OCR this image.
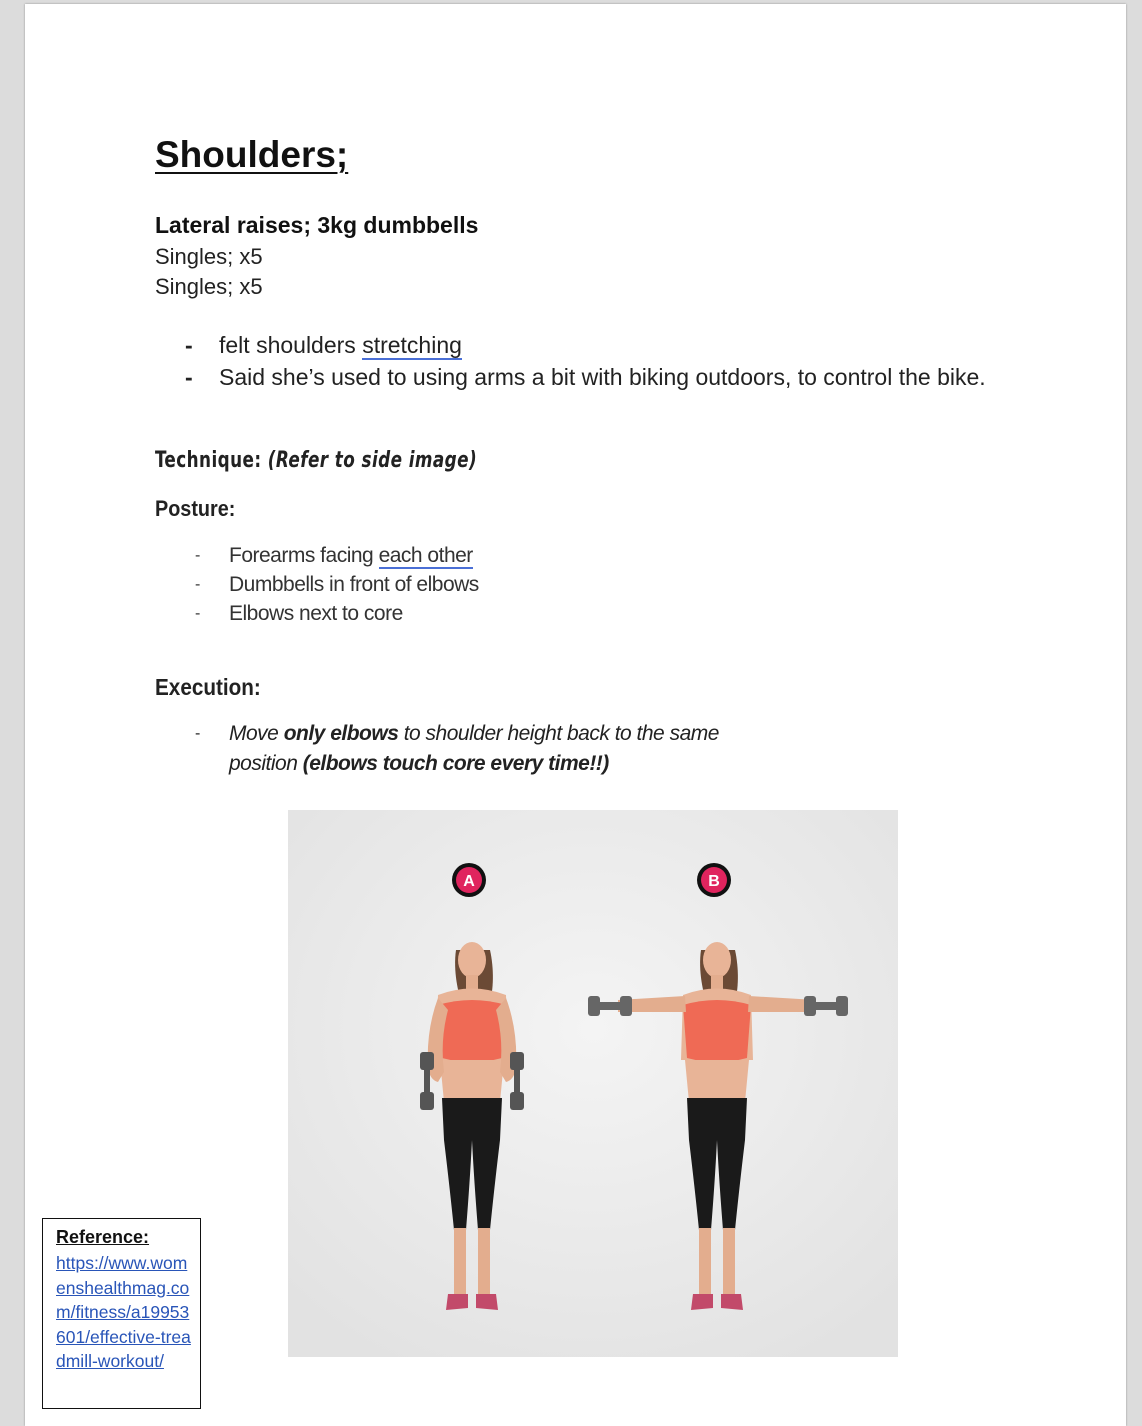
Shoulders;
Lateral raises; 3kg dumbbells
Singles; x5
Singles; x5
- felt shoulders stretching
- Said she’s used to using arms a bit with biking outdoors, to control the bike.
Technique: (Refer to side image)
Posture:
- Forearms facing each other
- Dumbbells in front of elbows
- Elbows next to core
Execution:
- Move only elbows to shoulder height back to the same position (elbows touch core every time!!)
A	B
Reference:
https://www.womenshealthmag.com/fitness/a19953601/effective-treadmill-workout/
